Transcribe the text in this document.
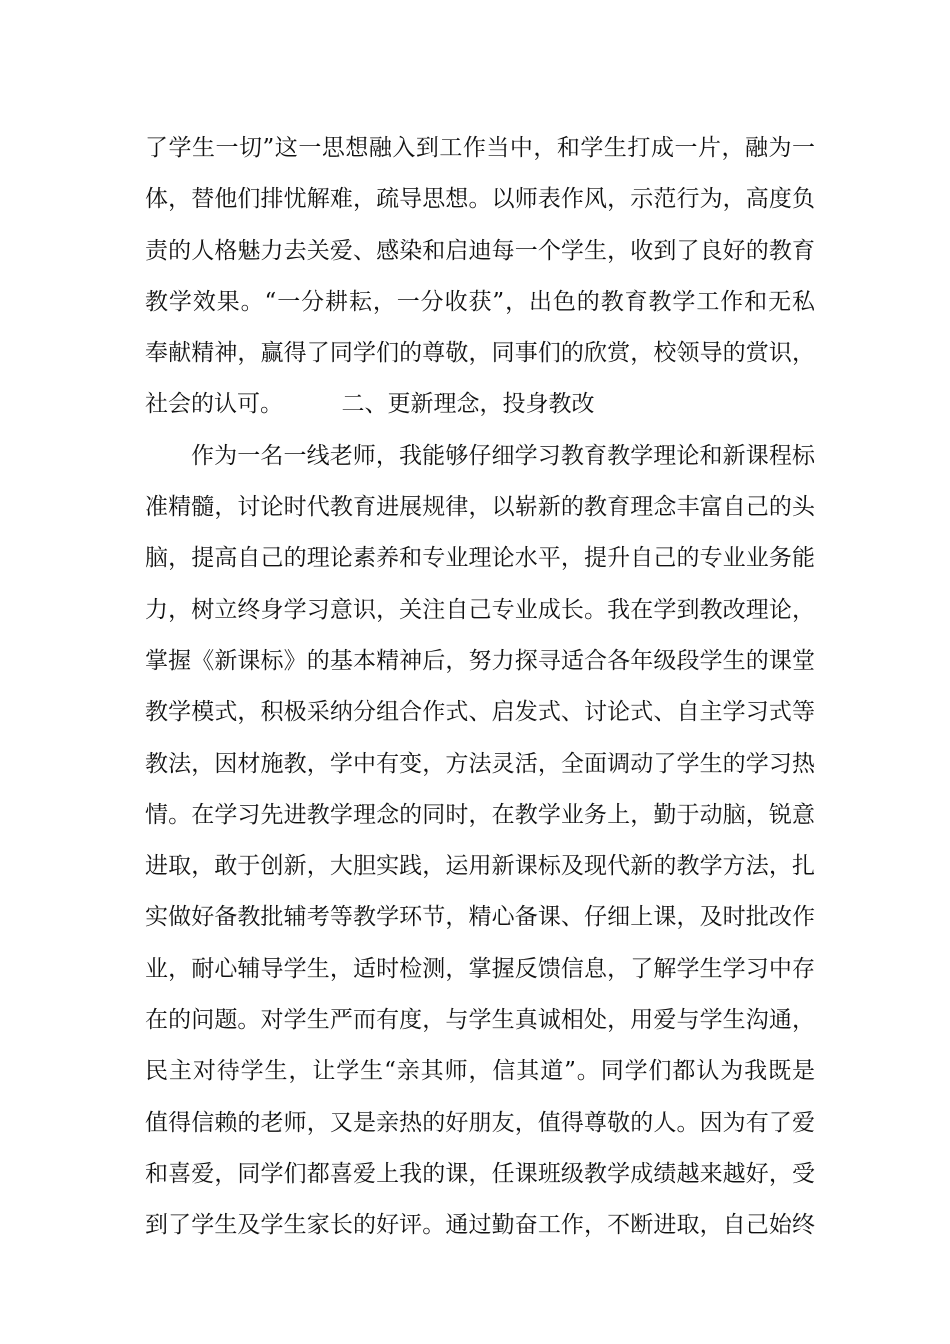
了学生一切”这一思想融入到工作当中，和学生打成一片，融为一
体，替他们排忧解难，疏导思想。以师表作风，示范行为，高度负
责的人格魅力去关爱、感染和启迪每一个学生，收到了良好的教育
教学效果。“一分耕耘，一分收获”，出色的教育教学工作和无私
奉献精神，赢得了同学们的尊敬，同事们的欣赏，校领导的赏识，
社会的认可。        二、更新理念，投身教改
作为一名一线老师，我能够仔细学习教育教学理论和新课程标
准精髓，讨论时代教育进展规律，以崭新的教育理念丰富自己的头
脑，提高自己的理论素养和专业理论水平，提升自己的专业业务能
力，树立终身学习意识，关注自己专业成长。我在学到教改理论，
掌握《新课标》的基本精神后，努力探寻适合各年级段学生的课堂
教学模式，积极采纳分组合作式、启发式、讨论式、自主学习式等
教法，因材施教，学中有变，方法灵活，全面调动了学生的学习热
情。在学习先进教学理念的同时，在教学业务上，勤于动脑，锐意
进取，敢于创新，大胆实践，运用新课标及现代新的教学方法，扎
实做好备教批辅考等教学环节，精心备课、仔细上课，及时批改作
业，耐心辅导学生，适时检测，掌握反馈信息，了解学生学习中存
在的问题。对学生严而有度，与学生真诚相处，用爱与学生沟通，
民主对待学生，让学生“亲其师，信其道”。同学们都认为我既是
值得信赖的老师，又是亲热的好朋友，值得尊敬的人。因为有了爱
和喜爱，同学们都喜爱上我的课，任课班级教学成绩越来越好，受
到了学生及学生家长的好评。通过勤奋工作，不断进取，自己始终
